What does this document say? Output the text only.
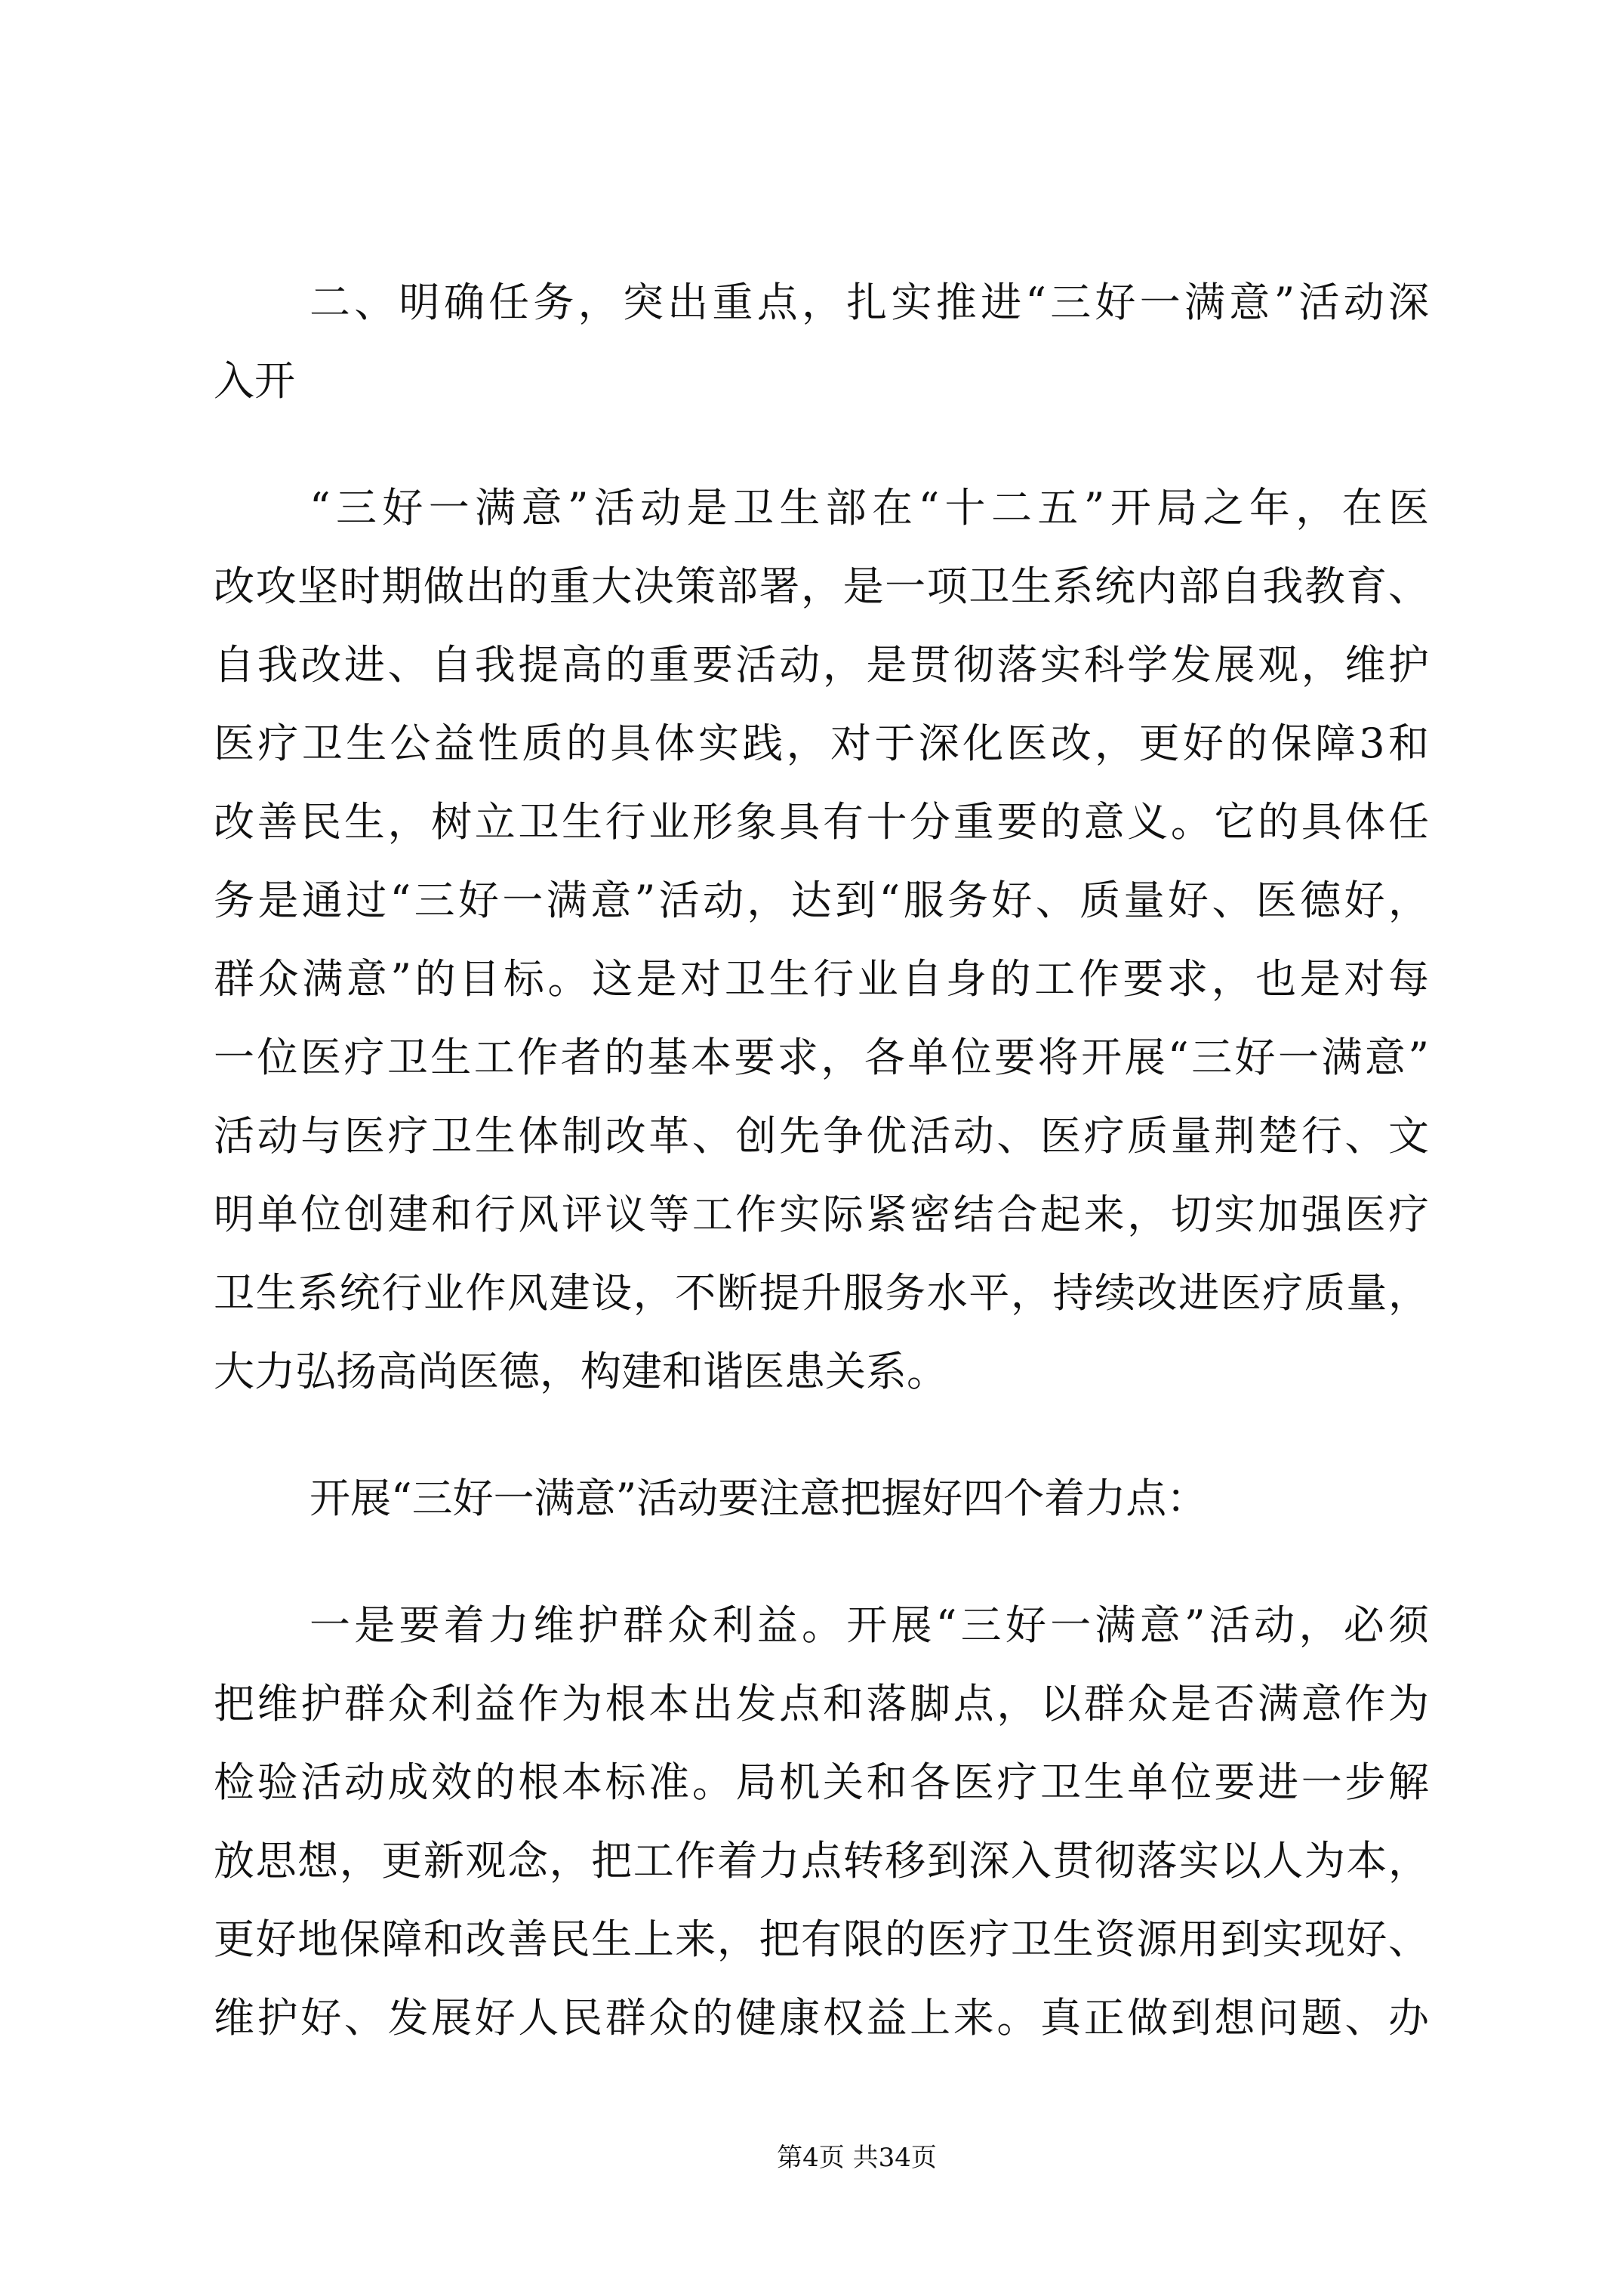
二、明确任务，突出重点，扎实推进“三好一满意”活动深
入开
“三好一满意”活动是卫生部在“十二五”开局之年，在医
改攻坚时期做出的重大决策部署，是一项卫生系统内部自我教育、
自我改进、自我提高的重要活动，是贯彻落实科学发展观，维护
医疗卫生公益性质的具体实践，对于深化医改，更好的保障3和
改善民生，树立卫生行业形象具有十分重要的意义。它的具体任
务是通过“三好一满意”活动，达到“服务好、质量好、医德好，
群众满意”的目标。这是对卫生行业自身的工作要求，也是对每
一位医疗卫生工作者的基本要求，各单位要将开展“三好一满意”
活动与医疗卫生体制改革、创先争优活动、医疗质量荆楚行、文
明单位创建和行风评议等工作实际紧密结合起来，切实加强医疗
卫生系统行业作风建设，不断提升服务水平，持续改进医疗质量，
大力弘扬高尚医德，构建和谐医患关系。
开展“三好一满意”活动要注意把握好四个着力点：
一是要着力维护群众利益。开展“三好一满意”活动，必须
把维护群众利益作为根本出发点和落脚点，以群众是否满意作为
检验活动成效的根本标准。局机关和各医疗卫生单位要进一步解
放思想，更新观念，把工作着力点转移到深入贯彻落实以人为本，
更好地保障和改善民生上来，把有限的医疗卫生资源用到实现好、
维护好、发展好人民群众的健康权益上来。真正做到想问题、办
第4页 共34页
